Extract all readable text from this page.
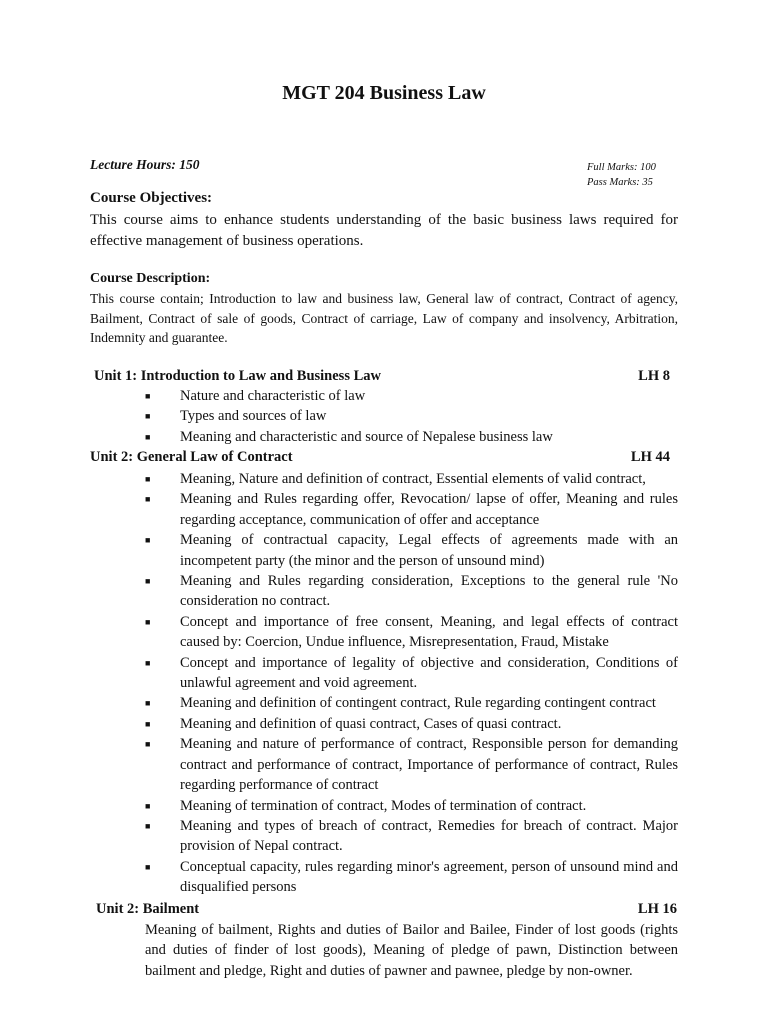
MGT 204 Business Law
Lecture Hours: 150	Full Marks: 100
Pass Marks: 35
Course Objectives:
This course aims to enhance students understanding of the basic business laws required for effective management of business operations.
Course Description:
This course contain; Introduction to law and business law, General law of contract, Contract of agency, Bailment, Contract of sale of goods, Contract of carriage, Law of company and insolvency, Arbitration, Indemnity and guarantee.
Unit 1: Introduction to Law and Business Law	LH 8
■ Nature and characteristic of law
■ Types and sources of law
■ Meaning and characteristic and source of Nepalese business law
Unit 2: General Law of Contract	LH 44
■ Meaning, Nature and definition of contract, Essential elements of valid contract,
■ Meaning and Rules regarding offer, Revocation/ lapse of offer, Meaning and rules regarding acceptance, communication of offer and acceptance
■ Meaning of contractual capacity, Legal effects of agreements made with an incompetent party (the minor and the person of unsound mind)
■ Meaning and Rules regarding consideration, Exceptions to the general rule 'No consideration no contract.
■ Concept and importance of free consent, Meaning, and legal effects of contract caused by: Coercion, Undue influence, Misrepresentation, Fraud, Mistake
■ Concept and importance of legality of objective and consideration, Conditions of unlawful agreement and void agreement.
■ Meaning and definition of contingent contract, Rule regarding contingent contract
■ Meaning and definition of quasi contract, Cases of quasi contract.
■ Meaning and nature of performance of contract, Responsible person for demanding contract and performance of contract, Importance of performance of contract, Rules regarding performance of contract
■ Meaning of termination of contract, Modes of termination of contract.
■ Meaning and types of breach of contract, Remedies for breach of contract. Major provision of Nepal contract.
■ Conceptual capacity, rules regarding minor's agreement, person of unsound mind and disqualified persons
Unit 2: Bailment	LH 16
Meaning of bailment, Rights and duties of Bailor and Bailee, Finder of lost goods (rights and duties of finder of lost goods), Meaning of pledge of pawn, Distinction between bailment and pledge, Right and duties of pawner and pawnee, pledge by non-owner.
